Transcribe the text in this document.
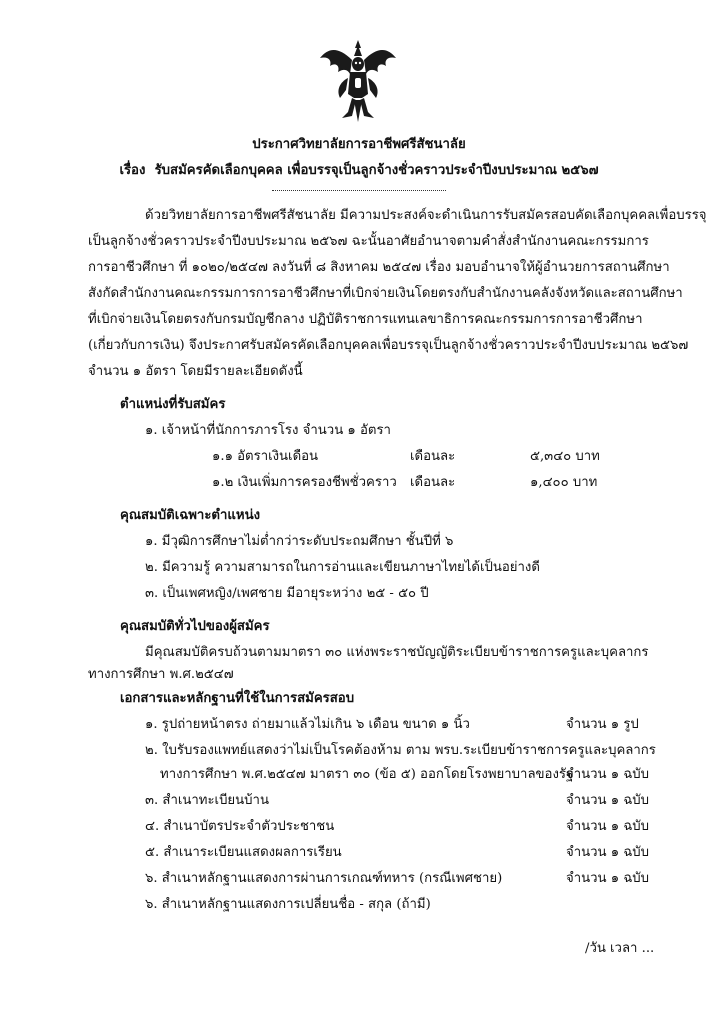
ประกาศวิทยาลัยการอาชีพศรีสัชนาลัย
เรื่อง รับสมัครคัดเลือกบุคคล เพื่อบรรจุเป็นลูกจ้างชั่วคราวประจำปีงบประมาณ ๒๕๖๗
ด้วยวิทยาลัยการอาชีพศรีสัชนาลัย มีความประสงค์จะดำเนินการรับสมัครสอบคัดเลือกบุคคลเพื่อบรรจุ
เป็นลูกจ้างชั่วคราวประจำปีงบประมาณ ๒๕๖๗ ฉะนั้นอาศัยอำนาจตามคำสั่งสำนักงานคณะกรรมการ
การอาชีวศึกษา ที่ ๑๐๒๐/๒๕๔๗ ลงวันที่ ๘ สิงหาคม ๒๕๔๗ เรื่อง มอบอำนาจให้ผู้อำนวยการสถานศึกษา
สังกัดสำนักงานคณะกรรมการการอาชีวศึกษาที่เบิกจ่ายเงินโดยตรงกับสำนักงานคลังจังหวัดและสถานศึกษา
ที่เบิกจ่ายเงินโดยตรงกับกรมบัญชีกลาง ปฏิบัติราชการแทนเลขาธิการคณะกรรมการการอาชีวศึกษา
(เกี่ยวกับการเงิน) จึงประกาศรับสมัครคัดเลือกบุคคลเพื่อบรรจุเป็นลูกจ้างชั่วคราวประจำปีงบประมาณ ๒๕๖๗
จำนวน ๑ อัตรา โดยมีรายละเอียดดังนี้
ตำแหน่งที่รับสมัคร
๑. เจ้าหน้าที่นักการภารโรง จำนวน ๑ อัตรา
๑.๑ อัตราเงินเดือน	เดือนละ	๕,๓๔๐ บาท
๑.๒ เงินเพิ่มการครองชีพชั่วคราว เดือนละ	๑,๔๐๐ บาท
คุณสมบัติเฉพาะตำแหน่ง
๑. มีวุฒิการศึกษาไม่ต่ำกว่าระดับประถมศึกษา ชั้นปีที่ ๖
๒. มีความรู้ ความสามารถในการอ่านและเขียนภาษาไทยได้เป็นอย่างดี
๓. เป็นเพศหญิง/เพศชาย มีอายุระหว่าง ๒๕ - ๕๐ ปี
คุณสมบัติทั่วไปของผู้สมัคร
มีคุณสมบัติครบถ้วนตามมาตรา ๓๐ แห่งพระราชบัญญัติระเบียบข้าราชการครูและบุคลากร
ทางการศึกษา พ.ศ.๒๕๔๗
เอกสารและหลักฐานที่ใช้ในการสมัครสอบ
๑. รูปถ่ายหน้าตรง ถ่ายมาแล้วไม่เกิน ๖ เดือน ขนาด ๑ นิ้ว	จำนวน ๑ รูป
๒. ใบรับรองแพทย์แสดงว่าไม่เป็นโรคต้องห้าม ตาม พรบ.ระเบียบข้าราชการครูและบุคลากร
ทางการศึกษา พ.ศ.๒๕๔๗ มาตรา ๓๐ (ข้อ ๕) ออกโดยโรงพยาบาลของรัฐ
จำนวน ๑ ฉบับ
๓. สำเนาทะเบียนบ้าน	จำนวน ๑ ฉบับ
๔. สำเนาบัตรประจำตัวประชาชน	จำนวน ๑ ฉบับ
๕. สำเนาระเบียนแสดงผลการเรียน	จำนวน ๑ ฉบับ
๖. สำเนาหลักฐานแสดงการผ่านการเกณฑ์ทหาร (กรณีเพศชาย)	จำนวน ๑ ฉบับ
๖. สำเนาหลักฐานแสดงการเปลี่ยนชื่อ - สกุล (ถ้ามี)
/วัน เวลา ...
